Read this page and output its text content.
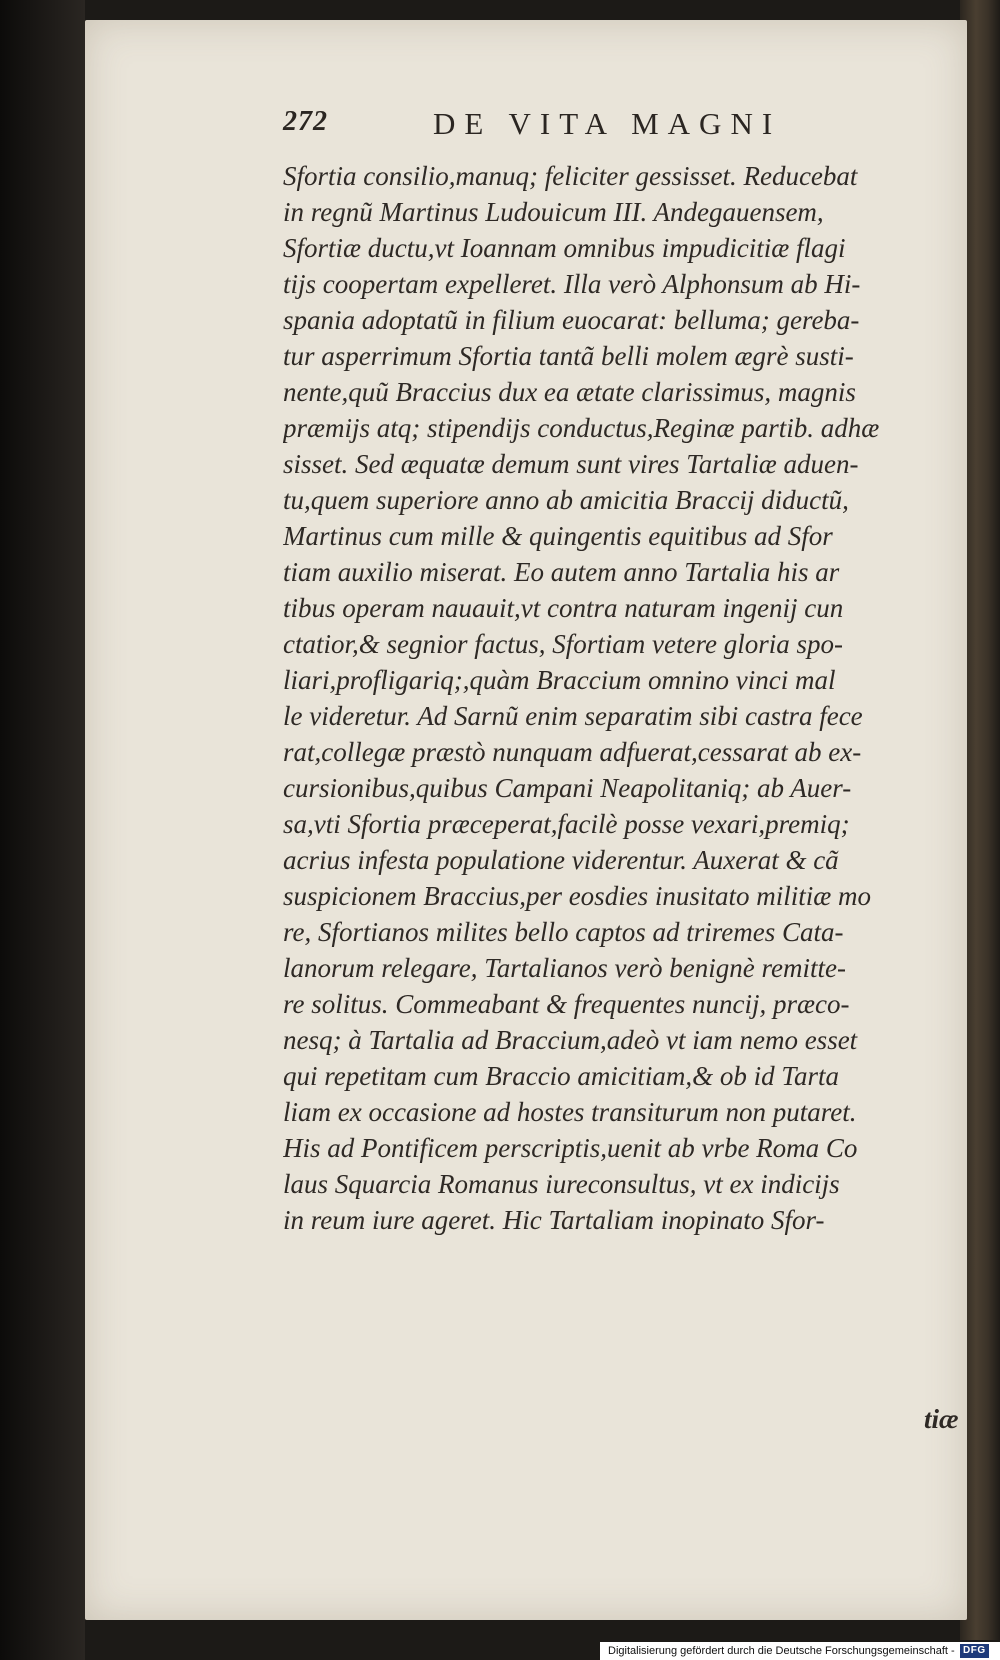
272	DE VITA MAGNI
Sfortia consilio,manuq; feliciter gessisset. Reducebat
in regnũ Martinus Ludouicum III. Andegauensem,
Sfortiæ ductu,vt Ioannam omnibus impudicitiæ flagi
tijs coopertam expelleret. Illa verò Alphonsum ab Hi-
spania adoptatũ in filium euocarat: belluma; gereba-
tur asperrimum Sfortia tantã belli molem ægrè susti-
nente,quũ Braccius dux ea ætate clarissimus, magnis
præmijs atq; stipendijs conductus,Reginæ partib. adhæ
sisset. Sed æquatæ demum sunt vires Tartaliæ aduen-
tu,quem superiore anno ab amicitia Braccij diductũ,
Martinus cum mille & quingentis equitibus ad Sfor
tiam auxilio miserat. Eo autem anno Tartalia his ar
tibus operam nauauit,vt contra naturam ingenij cun
ctatior,& segnior factus, Sfortiam vetere gloria spo-
liari,profligariq;,quàm Braccium omnino vinci mal
le videretur. Ad Sarnũ enim separatim sibi castra fece
rat,collegæ præstò nunquam adfuerat,cessarat ab ex-
cursionibus,quibus Campani Neapolitaniq; ab Auer-
sa,vti Sfortia præceperat,facilè posse vexari,premiq;
acrius infesta populatione viderentur. Auxerat & cã
suspicionem Braccius,per eosdies inusitato militiæ mo
re, Sfortianos milites bello captos ad triremes Cata-
lanorum relegare, Tartalianos verò benignè remitte-
re solitus. Commeabant & frequentes nuncij, præco-
nesq; à Tartalia ad Braccium,adeò vt iam nemo esset
qui repetitam cum Braccio amicitiam,& ob id Tarta
liam ex occasione ad hostes transiturum non putaret.
His ad Pontificem perscriptis,uenit ab vrbe Roma Co
laus Squarcia Romanus iureconsultus, vt ex indicijs
in reum iure ageret. Hic Tartaliam inopinato Sfor-
tiæ
Digitalisierung gefördert durch die Deutsche Forschungsgemeinschaft - DFG
